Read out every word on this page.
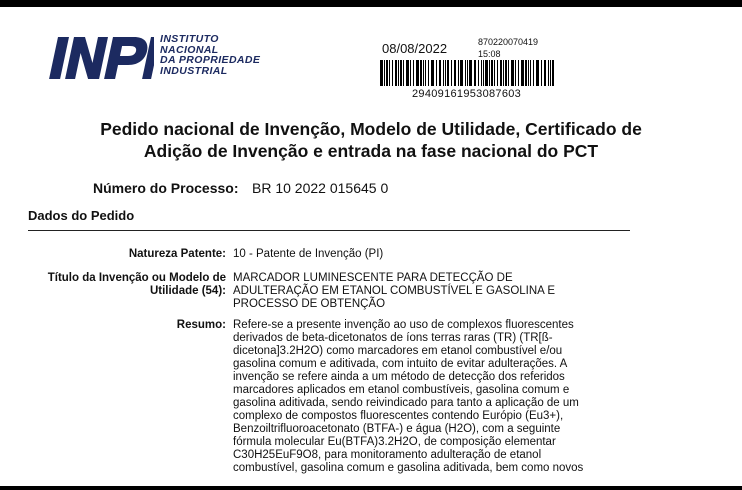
INSTITUTO
NACIONAL
DA PROPRIEDADE
INDUSTRIAL
08/08/2022	870220070419
15:08
29409161953087603
Pedido nacional de Invenção, Modelo de Utilidade, Certificado de
Adição de Invenção e entrada na fase nacional do PCT
Número do Processo: BR 10 2022 015645 0
Dados do Pedido
Natureza Patente: 10 - Patente de Invenção (PI)
Título da Invenção ou Modelo de
Utilidade (54):
MARCADOR LUMINESCENTE PARA DETECÇÃO DE
ADULTERAÇÃO EM ETANOL COMBUSTÍVEL E GASOLINA E
PROCESSO DE OBTENÇÃO
Resumo: Refere-se a presente invenção ao uso de complexos fluorescentes
derivados de beta-dicetonatos de íons terras raras (TR) (TR[ß-
dicetona]3.2H2O) como marcadores em etanol combustível e/ou
gasolina comum e aditivada, com intuito de evitar adulterações. A
invenção se refere ainda a um método de detecção dos referidos
marcadores aplicados em etanol combustíveis, gasolina comum e
gasolina aditivada, sendo reivindicado para tanto a aplicação de um
complexo de compostos fluorescentes contendo Európio (Eu3+),
Benzoiltrifluoroacetonato (BTFA-) e água (H2O), com a seguinte
fórmula molecular Eu(BTFA)3.2H2O, de composição elementar
C30H25EuF9O8, para monitoramento adulteração de etanol
combustível, gasolina comum e gasolina aditivada, bem como novos
